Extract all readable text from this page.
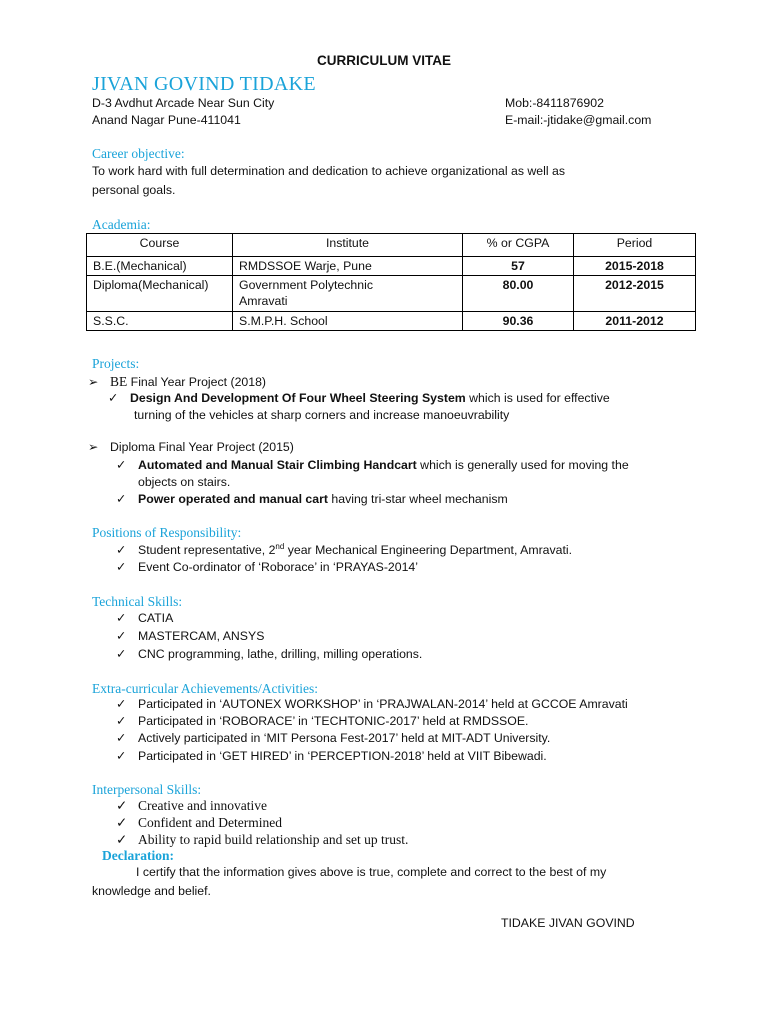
CURRICULUM VITAE
JIVAN GOVIND TIDAKE
D-3 Avdhut Arcade Near Sun City
Anand Nagar Pune-411041
Mob:-8411876902
E-mail:-jtidake@gmail.com
Career objective:
To work hard with full determination and dedication to achieve organizational as well as
personal goals.
Academia:
Course	Institute	% or CGPA	Period
B.E.(Mechanical)	RMDSSOE Warje, Pune	57	2015-2018
Diploma(Mechanical)	Government Polytechnic
Amravati	80.00	2012-2015
S.S.C.	S.M.P.H. School	90.36	2011-2012
Projects:
➢ BE Final Year Project (2018)
✓ Design And Development Of Four Wheel Steering System which is used for effective
turning of the vehicles at sharp corners and increase manoeuvrability
➢ Diploma Final Year Project (2015)
✓ Automated and Manual Stair Climbing Handcart which is generally used for moving the
objects on stairs.
✓ Power operated and manual cart having tri-star wheel mechanism
Positions of Responsibility:
✓ Student representative, 2nd year Mechanical Engineering Department, Amravati.
✓ Event Co-ordinator of ‘Roborace’ in ‘PRAYAS-2014’
Technical Skills:
✓ CATIA
✓ MASTERCAM, ANSYS
✓ CNC programming, lathe, drilling, milling operations.
Extra-curricular Achievements/Activities:
✓ Participated in ‘AUTONEX WORKSHOP’ in ‘PRAJWALAN-2014’ held at GCCOE Amravati
✓ Participated in ‘ROBORACE’ in ‘TECHTONIC-2017’ held at RMDSSOE.
✓ Actively participated in ‘MIT Persona Fest-2017’ held at MIT-ADT University.
✓ Participated in ‘GET HIRED’ in ‘PERCEPTION-2018’ held at VIIT Bibewadi.
Interpersonal Skills:
✓ Creative and innovative
✓ Confident and Determined
✓ Ability to rapid build relationship and set up trust.
Declaration:
I certify that the information gives above is true, complete and correct to the best of my
knowledge and belief.
TIDAKE JIVAN GOVIND
